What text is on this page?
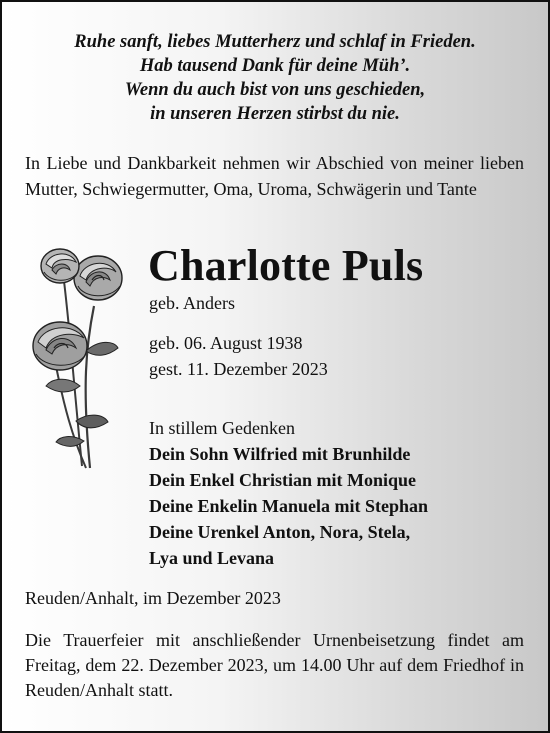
Ruhe sanft, liebes Mutterherz und schlaf in Frieden.
Hab tausend Dank für deine Müh’.
Wenn du auch bist von uns geschieden,
in unseren Herzen stirbst du nie.
In Liebe und Dankbarkeit nehmen wir Abschied von meiner lieben Mutter, Schwiegermutter, Oma, Uroma, Schwägerin und Tante
Charlotte Puls
geb. Anders
geb. 06. August 1938
gest. 11. Dezember 2023
In stillem Gedenken
Dein Sohn Wilfried mit Brunhilde
Dein Enkel Christian mit Monique
Deine Enkelin Manuela mit Stephan
Deine Urenkel Anton, Nora, Stela,
Lya und Levana
Reuden/Anhalt, im Dezember 2023
Die Trauerfeier mit anschließender Urnenbeisetzung findet am Freitag, dem 22. Dezember 2023, um 14.00 Uhr auf dem Friedhof in Reuden/Anhalt statt.
